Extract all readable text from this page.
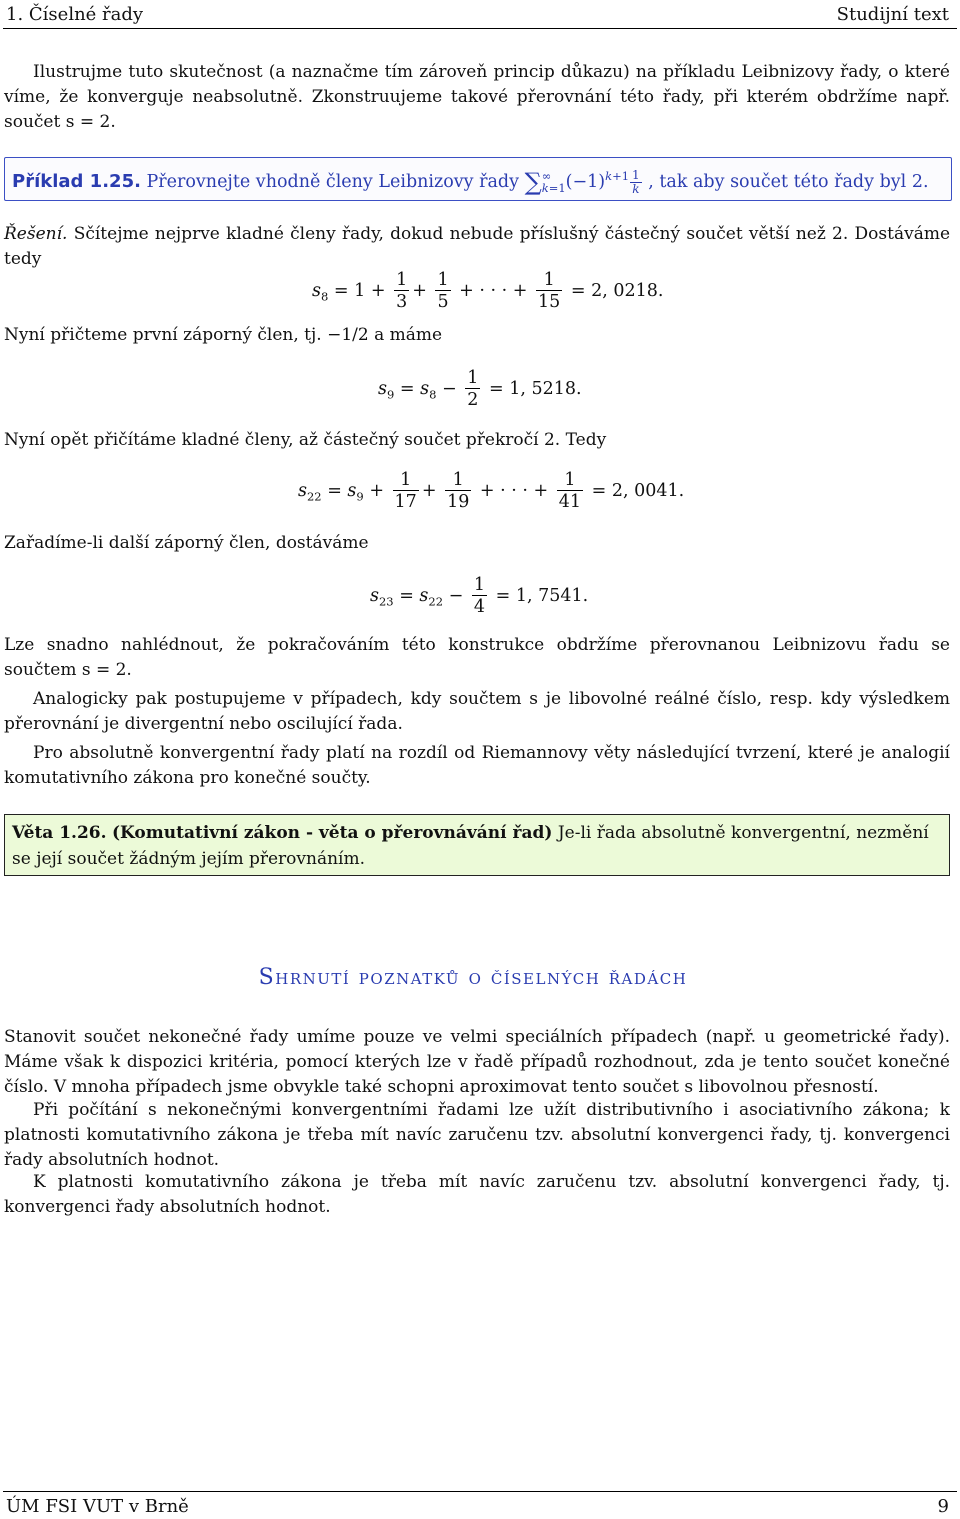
1. Číselné řady	Studijní text

Ilustrujme tuto skutečnost (a naznačme tím zároveň princip důkazu) na příkladu Leibnizovy řady, o které víme, že konverguje neabsolutně. Zkonstruujeme takové přerovnání této řady, při kterém obdržíme např. součet s = 2.

Příklad 1.25. Přerovnejte vhodně členy Leibnizovy řady ∑ ∞
k=1 $(-1)^{k+1} \frac{1}{k}$ , tak aby součet této řady byl 2.

Řešení. Sčítejme nejprve kladné členy řady, dokud nebude příslušný částečný součet větší než 2. Dostáváme tedy

$s_8 = 1 + \frac{1}{3} + \frac{1}{5}$ + · · · + $\frac{1}{15} = 2$, 0218.

Nyní přičteme první záporný člen, tj. −1/2 a máme

$s_9 = s_8 - \frac{1}{2} = 1$, 5218.

Nyní opět přičítáme kladné členy, až částečný součet překročí 2. Tedy

$s_{22} = s_9 + \frac{1}{17} + \frac{1}{19}$ + · · · + $\frac{1}{41} = 2$, 0041.

Zařadíme-li další záporný člen, dostáváme

$s_{23} = s_{22} - \frac{1}{4} = 1$, 7541.

Lze snadno nahlédnout, že pokračováním této konstrukce obdržíme přerovnanou Leibnizovu řadu se součtem s = 2.

Analogicky pak postupujeme v případech, kdy součtem s je libovolné reálné číslo, resp. kdy výsledkem přerovnání je divergentní nebo oscilující řada.

Pro absolutně konvergentní řady platí na rozdíl od Riemannovy věty následující tvrzení, které je analogií komutativního zákona pro konečné součty.

Věta 1.26. (Komutativní zákon - věta o přerovnávání řad) Je-li řada absolutně konvergentní, nezmění se její součet žádným jejím přerovnáním.

Shrnutí poznatků o číselných řadách

Stanovit součet nekonečné řady umíme pouze ve velmi speciálních případech (např. u geometrické řady). Máme však k dispozici kritéria, pomocí kterých lze v řadě případů rozhodnout, zda je tento součet konečné číslo. V mnoha případech jsme obvykle také schopni aproximovat tento součet s libovolnou přesností.

Při počítání s nekonečnými konvergentními řadami lze užít distributivního i asociativního zákona; k platnosti komutativního zákona je třeba mít navíc zaručenu tzv. absolutní konvergenci řady, tj. konvergenci řady absolutních hodnot.

K platnosti komutativního zákona je třeba mít navíc zaručenu tzv. absolutní konvergenci řady, tj. konvergenci řady absolutních hodnot.

ÚM FSI VUT v Brně	9
